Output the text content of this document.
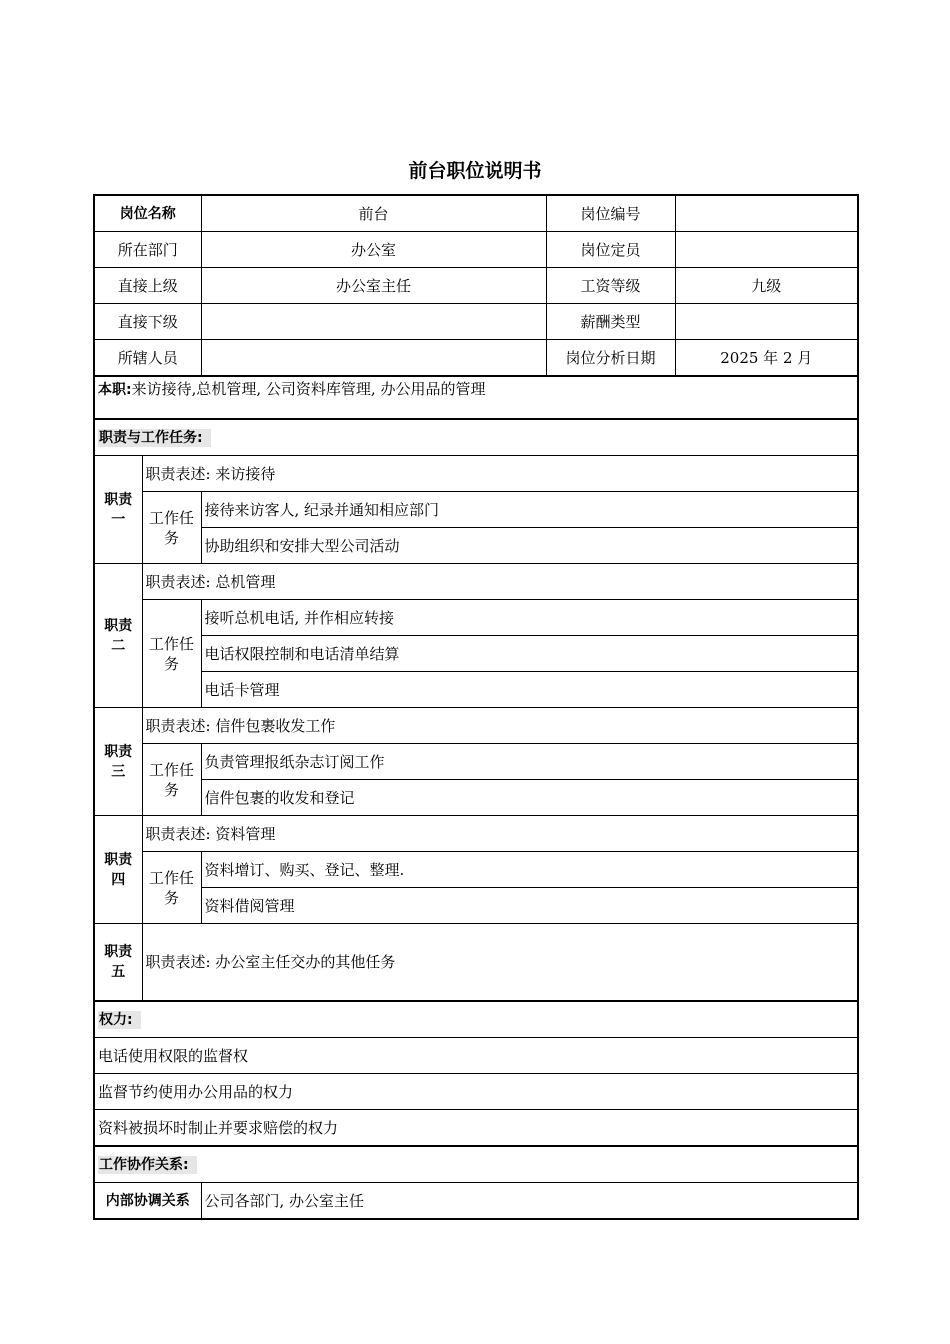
前台职位说明书
岗位名称		前台	岗位编号	
所在部门		办公室	岗位定员	
直接上级		办公室主任	工资等级	九级
直接下级			薪酬类型	
所辖人员			岗位分析日期	2025 年 2 月
本职:来访接待,总机管理, 公司资料库管理, 办公用品的管理				
职责与工作任务:				
职责一	职责表述: 来访接待			
	工作任务	接待来访客人, 纪录并通知相应部门		
		协助组织和安排大型公司活动		
职责二	职责表述: 总机管理			
	工作任务	接听总机电话, 并作相应转接		
		电话权限控制和电话清单结算		
		电话卡管理		
职责三	职责表述: 信件包裹收发工作			
	工作任务	负责管理报纸杂志订阅工作		
		信件包裹的收发和登记		
职责四	职责表述: 资料管理			
	工作任务	资料增订、购买、登记、整理.		
		资料借阅管理		
职责五	职责表述: 办公室主任交办的其他任务			
权力:				
电话使用权限的监督权				
监督节约使用办公用品的权力				
资料被损坏时制止并要求赔偿的权力				
工作协作关系:				
内部协调关系		公司各部门, 办公室主任		
